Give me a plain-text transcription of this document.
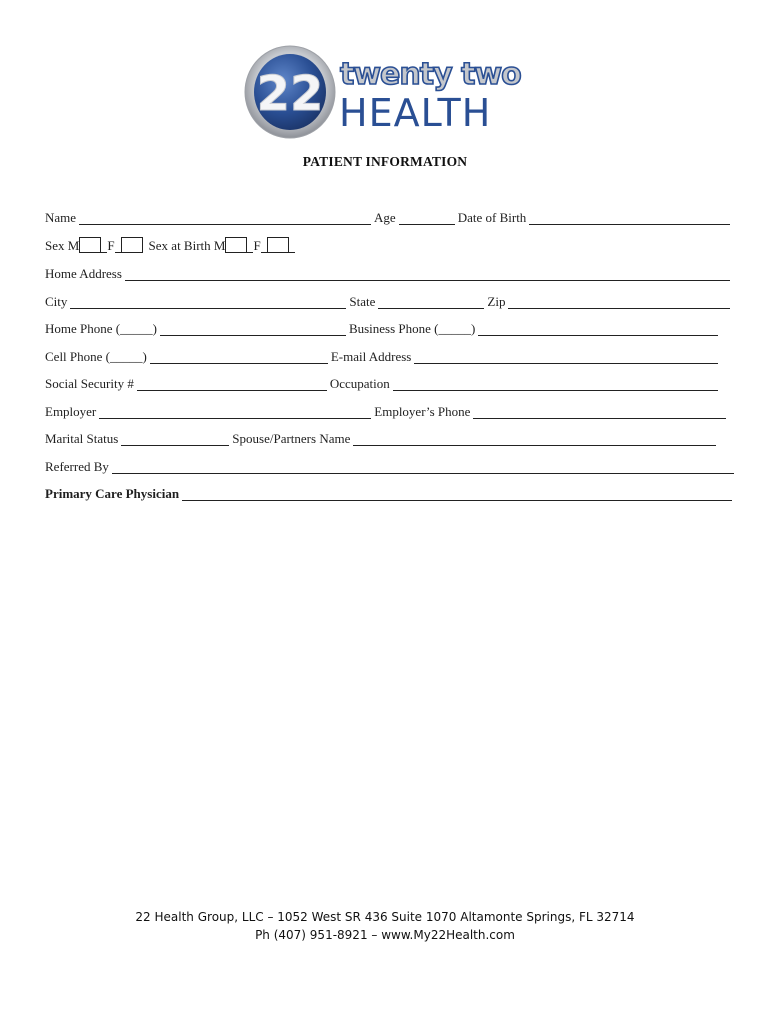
22 twenty two
HEALTH
PATIENT INFORMATION
Name	Age	Date of Birth
Sex M F	Sex at Birth M F
Home Address
City	State	Zip
Home Phone (_____)	Business Phone (_____)
Cell Phone (_____)	E-mail Address
Social Security #	Occupation
Employer	Employer’s Phone
Marital Status	Spouse/Partners Name
Referred By
Primary Care Physician
22 Health Group, LLC – 1052 West SR 436 Suite 1070 Altamonte Springs, FL 32714
Ph (407) 951-8921 – www.My22Health.com
